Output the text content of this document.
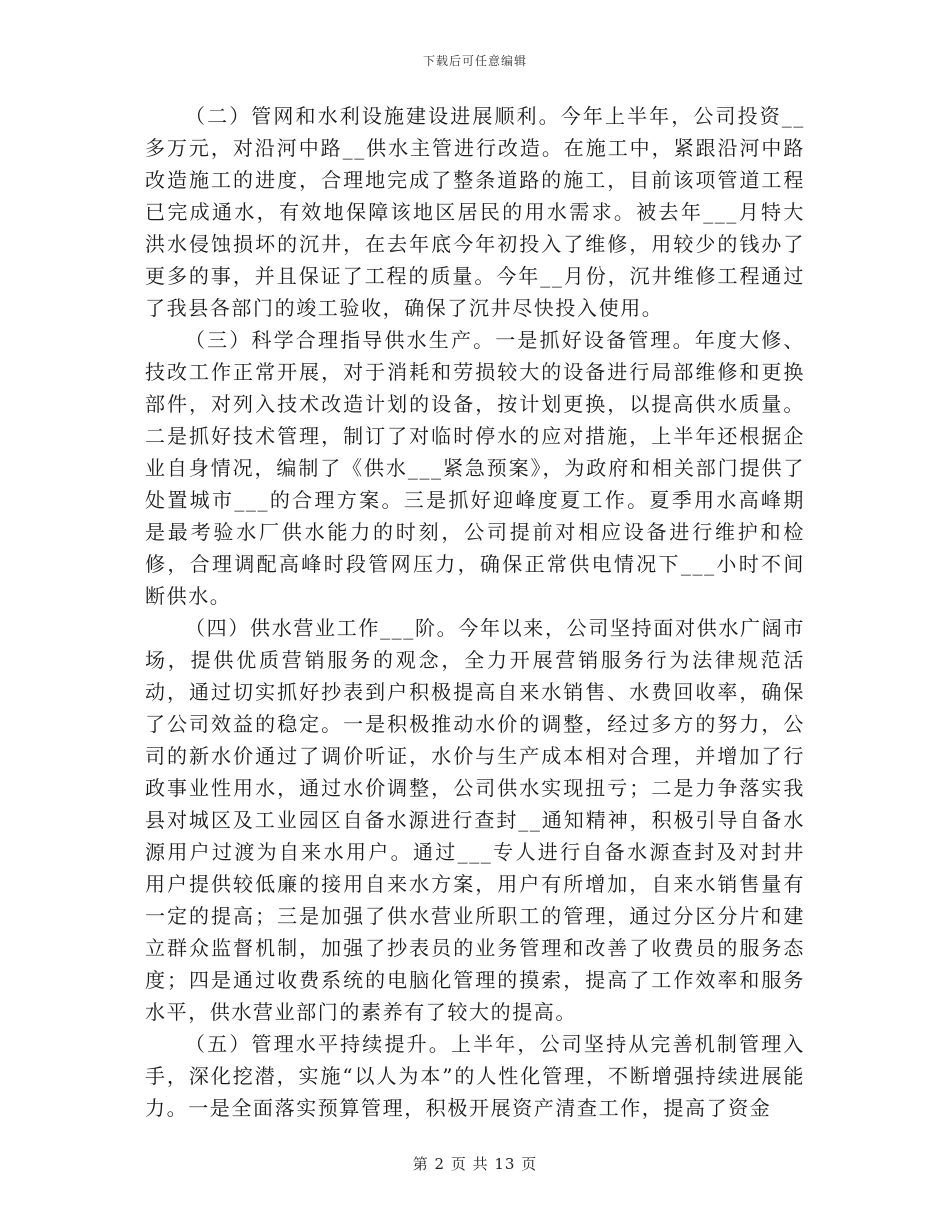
下载后可任意编辑

（二）管网和水利设施建设进展顺利。今年上半年，公司投资__多万元，对沿河中路__供水主管进行改造。在施工中，紧跟沿河中路改造施工的进度，合理地完成了整条道路的施工，目前该项管道工程已完成通水，有效地保障该地区居民的用水需求。被去年___月特大洪水侵蚀损坏的沉井，在去年底今年初投入了维修，用较少的钱办了更多的事，并且保证了工程的质量。今年__月份，沉井维修工程通过了我县各部门的竣工验收，确保了沉井尽快投入使用。

（三）科学合理指导供水生产。一是抓好设备管理。年度大修、技改工作正常开展，对于消耗和劳损较大的设备进行局部维修和更换部件，对列入技术改造计划的设备，按计划更换，以提高供水质量。二是抓好技术管理，制订了对临时停水的应对措施，上半年还根据企业自身情况，编制了《供水___紧急预案》，为政府和相关部门提供了处置城市___的合理方案。三是抓好迎峰度夏工作。夏季用水高峰期是最考验水厂供水能力的时刻，公司提前对相应设备进行维护和检修，合理调配高峰时段管网压力，确保正常供电情况下___小时不间断供水。

（四）供水营业工作___阶。今年以来，公司坚持面对供水广阔市场，提供优质营销服务的观念，全力开展营销服务行为法律规范活动，通过切实抓好抄表到户积极提高自来水销售、水费回收率，确保了公司效益的稳定。一是积极推动水价的调整，经过多方的努力，公司的新水价通过了调价听证，水价与生产成本相对合理，并增加了行政事业性用水，通过水价调整，公司供水实现扭亏；二是力争落实我县对城区及工业园区自备水源进行查封__通知精神，积极引导自备水源用户过渡为自来水用户。通过___专人进行自备水源查封及对封井用户提供较低廉的接用自来水方案，用户有所增加，自来水销售量有一定的提高；三是加强了供水营业所职工的管理，通过分区分片和建立群众监督机制，加强了抄表员的业务管理和改善了收费员的服务态度；四是通过收费系统的电脑化管理的摸索，提高了工作效率和服务水平，供水营业部门的素养有了较大的提高。

（五）管理水平持续提升。上半年，公司坚持从完善机制管理入手，深化挖潜，实施“以人为本”的人性化管理，不断增强持续进展能力。一是全面落实预算管理，积极开展资产清查工作，提高了资金

第 2 页 共 13 页
